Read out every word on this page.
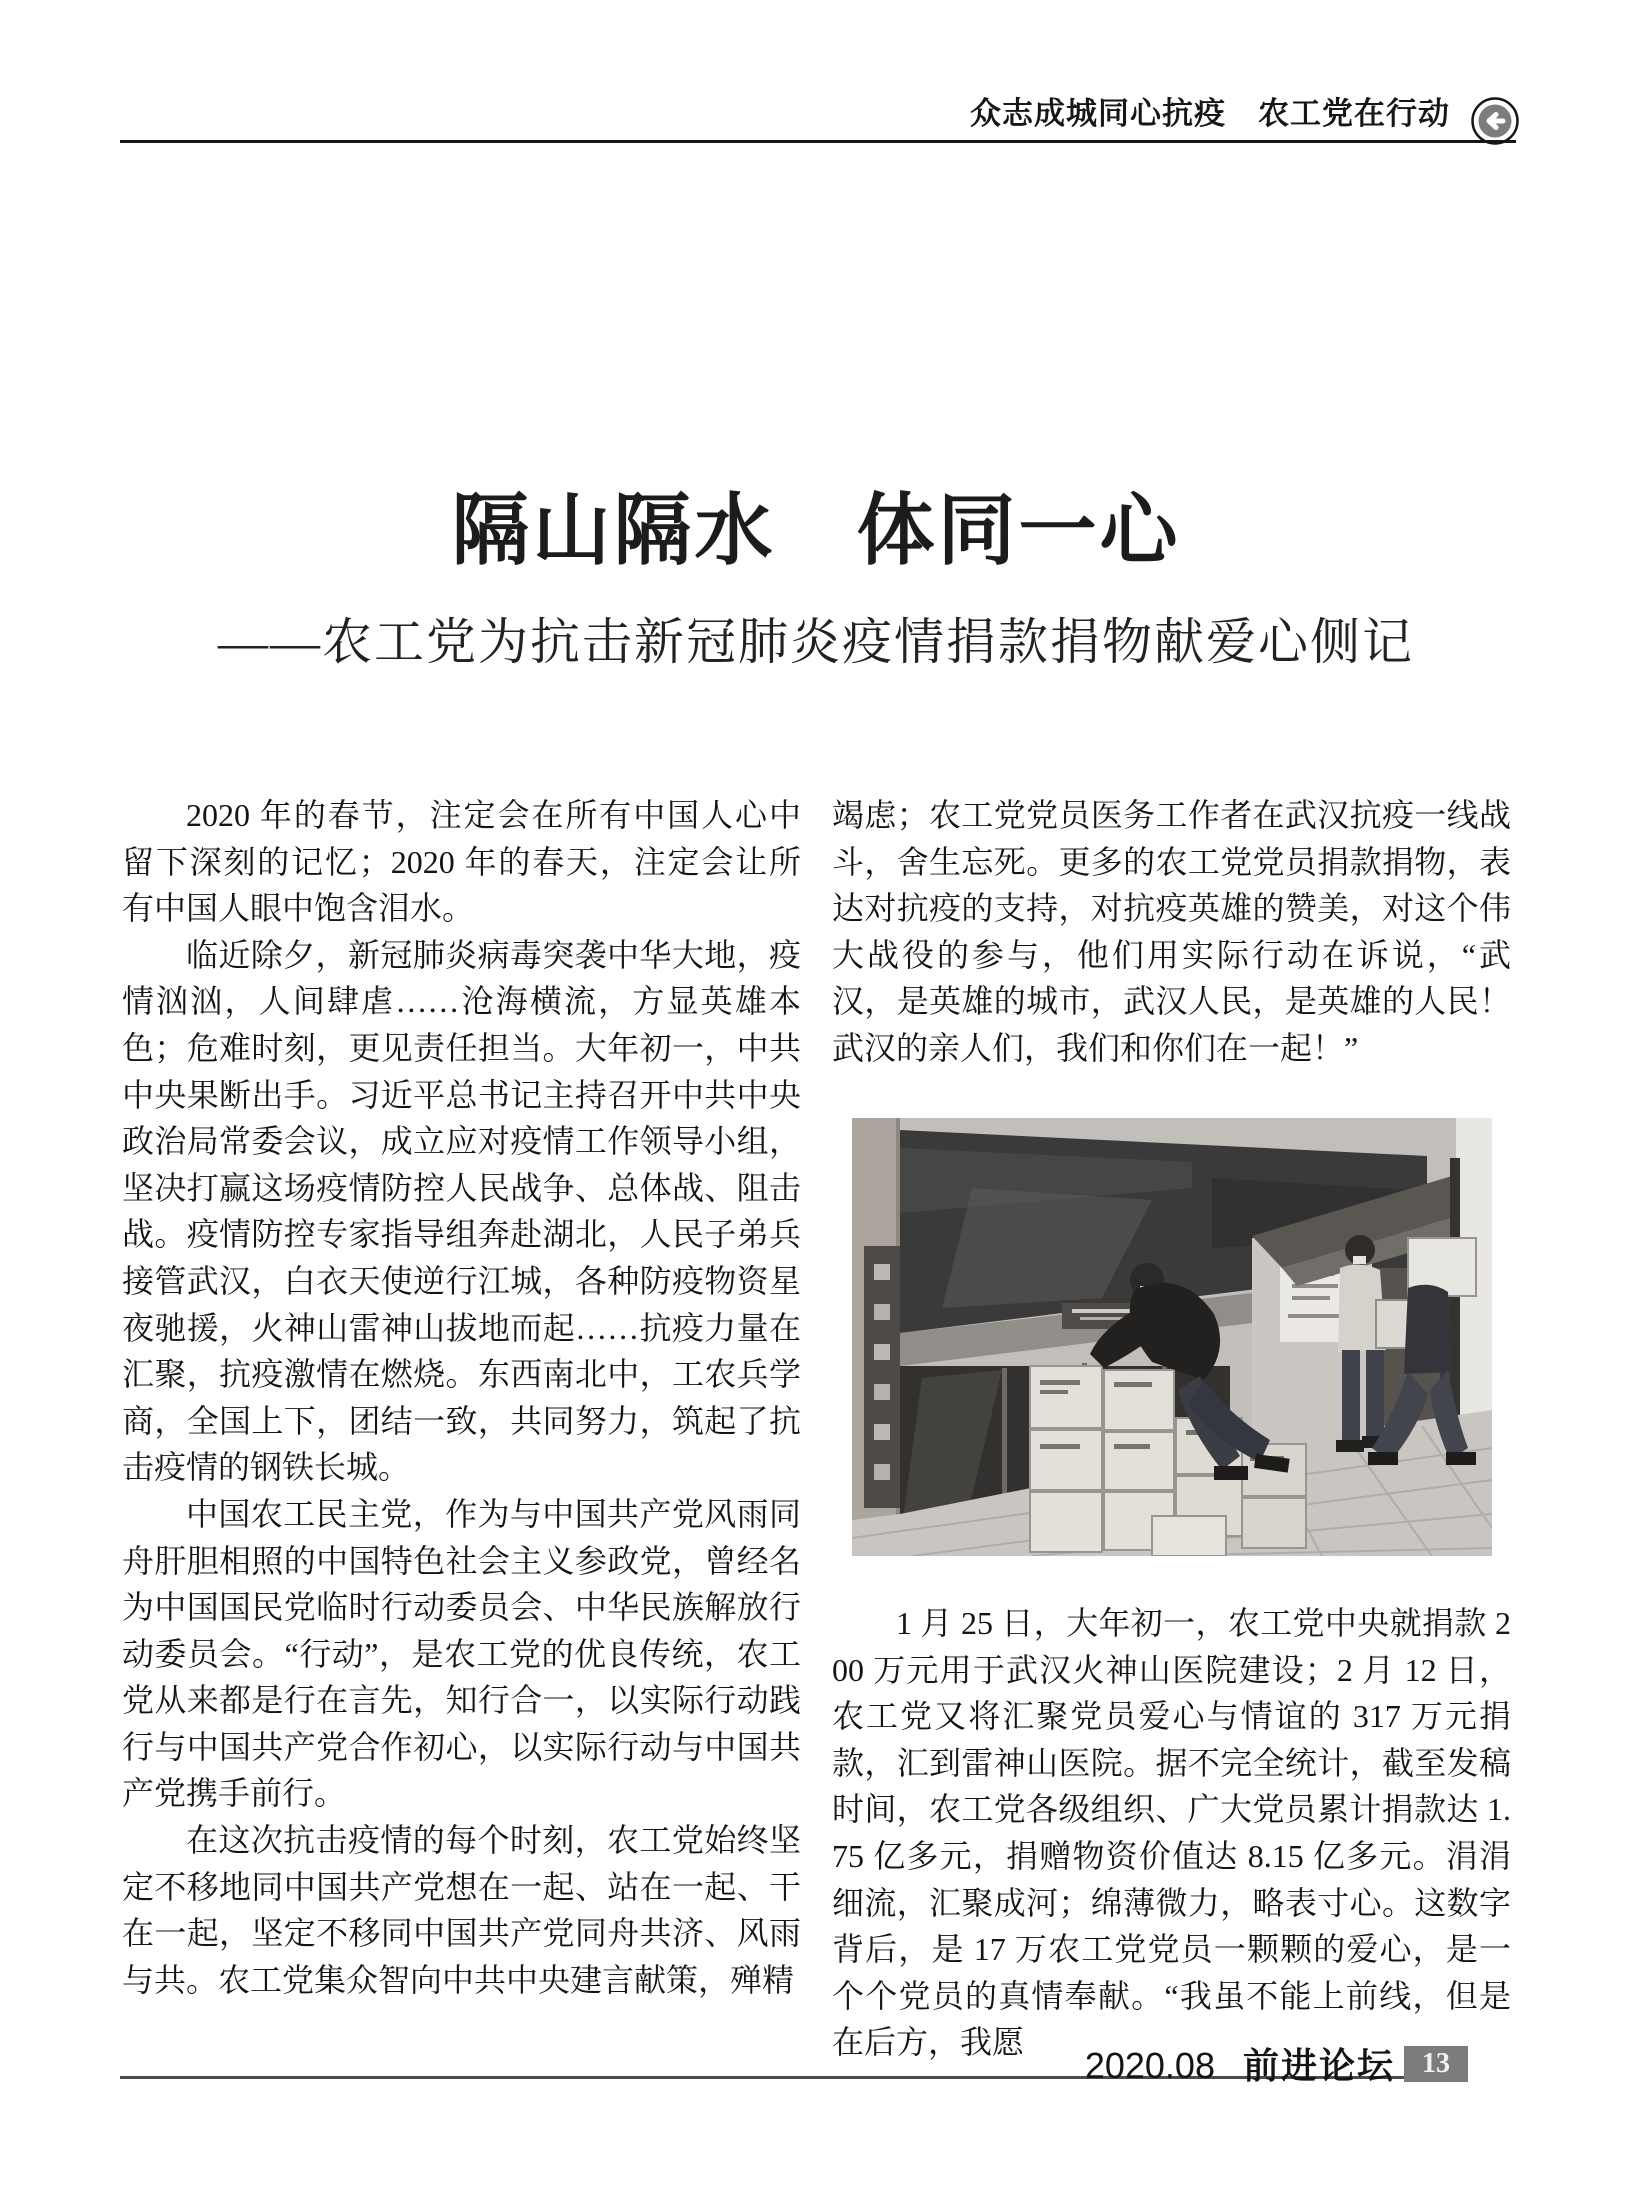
众志成城同心抗疫　农工党在行动
隔山隔水　体同一心
——农工党为抗击新冠肺炎疫情捐款捐物献爱心侧记
2020 年的春节，注定会在所有中国人心中留下深刻的记忆；2020 年的春天，注定会让所有中国人眼中饱含泪水。
临近除夕，新冠肺炎病毒突袭中华大地，疫情汹汹，人间肆虐……沧海横流，方显英雄本色；危难时刻，更见责任担当。大年初一，中共中央果断出手。习近平总书记主持召开中共中央政治局常委会议，成立应对疫情工作领导小组，坚决打赢这场疫情防控人民战争、总体战、阻击战。疫情防控专家指导组奔赴湖北，人民子弟兵接管武汉，白衣天使逆行江城，各种防疫物资星夜驰援，火神山雷神山拔地而起……抗疫力量在汇聚，抗疫激情在燃烧。东西南北中，工农兵学商，全国上下，团结一致，共同努力，筑起了抗击疫情的钢铁长城。
中国农工民主党，作为与中国共产党风雨同舟肝胆相照的中国特色社会主义参政党，曾经名为中国国民党临时行动委员会、中华民族解放行动委员会。“行动”，是农工党的优良传统，农工党从来都是行在言先，知行合一，以实际行动践行与中国共产党合作初心，以实际行动与中国共产党携手前行。
在这次抗击疫情的每个时刻，农工党始终坚定不移地同中国共产党想在一起、站在一起、干在一起，坚定不移同中国共产党同舟共济、风雨与共。农工党集众智向中共中央建言献策，殚精
竭虑；农工党党员医务工作者在武汉抗疫一线战斗，舍生忘死。更多的农工党党员捐款捐物，表达对抗疫的支持，对抗疫英雄的赞美，对这个伟大战役的参与，他们用实际行动在诉说，“武汉，是英雄的城市，武汉人民，是英雄的人民！武汉的亲人们，我们和你们在一起！”
1 月 25 日，大年初一，农工党中央就捐款 200 万元用于武汉火神山医院建设；2 月 12 日，农工党又将汇聚党员爱心与情谊的 317 万元捐款，汇到雷神山医院。据不完全统计，截至发稿时间，农工党各级组织、广大党员累计捐款达 1.75 亿多元，捐赠物资价值达 8.15 亿多元。涓涓细流，汇聚成河；绵薄微力，略表寸心。这数字背后，是 17 万农工党党员一颗颗的爱心，是一个个党员的真情奉献。“我虽不能上前线，但是在后方，我愿
2020.08 前进论坛 13
